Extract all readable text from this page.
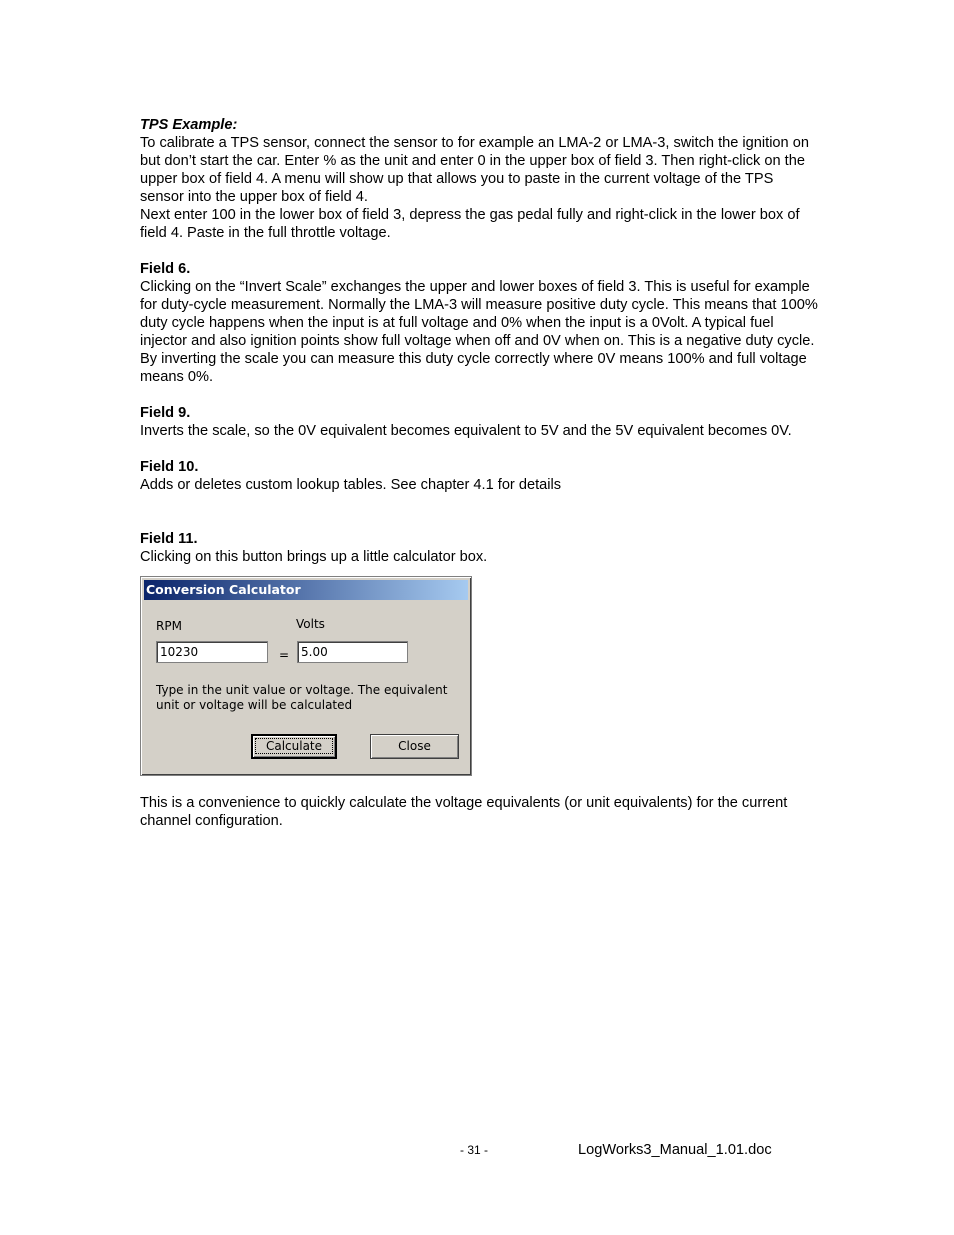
TPS Example:

To calibrate a TPS sensor, connect the sensor to for example an LMA-2 or LMA-3, switch the ignition on but don’t start the car. Enter % as the unit and enter 0 in the upper box of field 3. Then right-click on the upper box of field 4. A menu will show up that allows you to paste in the current voltage of the TPS sensor into the upper box of field 4.

Next enter 100 in the lower box of field 3, depress the gas pedal fully and right-click in the lower box of field 4. Paste in the full throttle voltage.

Field 6.

Clicking on the “Invert Scale” exchanges the upper and lower boxes of field 3. This is useful for example for duty-cycle measurement. Normally the LMA-3 will measure positive duty cycle. This means that 100% duty cycle happens when the input is at full voltage and 0% when the input is a 0Volt. A typical fuel injector and also ignition points show full voltage when off and 0V when on. This is a negative duty cycle. By inverting the scale you can measure this duty cycle correctly where 0V means 100% and full voltage means 0%.

Field 9.

Inverts the scale, so the 0V equivalent becomes equivalent to 5V and the 5V equivalent becomes 0V.

Field 10.

Adds or deletes custom lookup tables. See chapter 4.1 for details

Field 11.

Clicking on this button brings up a little calculator box.

Conversion Calculator
RPM	Volts
10230	= 5.00
Type in the unit value or voltage. The equivalent unit or voltage will be calculated
Calculate	Close

This is a convenience to quickly calculate the voltage equivalents (or unit equivalents) for the current channel configuration.

- 31 -	LogWorks3_Manual_1.01.doc
